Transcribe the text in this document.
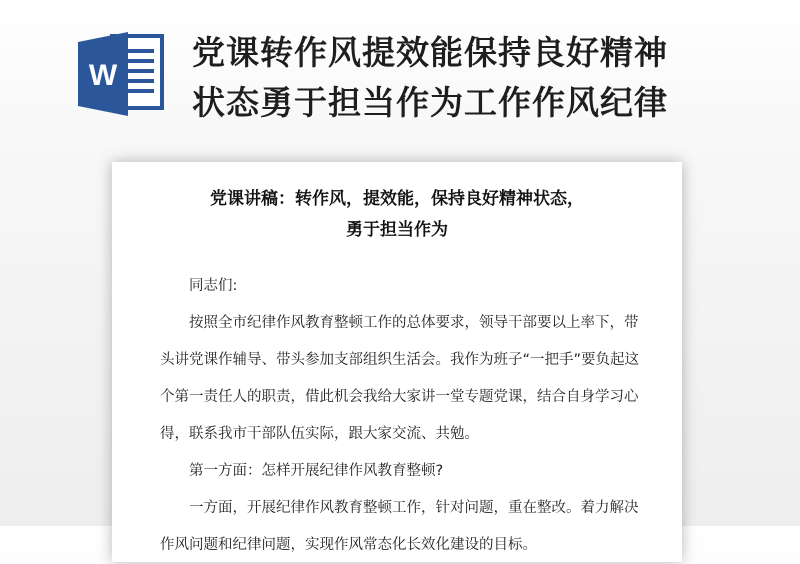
W
党课转作风提效能保持良好精神
状态勇于担当作为工作作风纪律
党课讲稿：转作风，提效能，保持良好精神状态，
勇于担当作为

同志们:

按照全市纪律作风教育整顿工作的总体要求，领导干部要以上率下，带头讲党课作辅导、带头参加支部组织生活会。我作为班子“一把手”要负起这个第一责任人的职责，借此机会我给大家讲一堂专题党课，结合自身学习心得，联系我市干部队伍实际，跟大家交流、共勉。

第一方面：怎样开展纪律作风教育整顿?

一方面，开展纪律作风教育整顿工作，针对问题，重在整改。着力解决作风问题和纪律问题，实现作风常态化长效化建设的目标。
